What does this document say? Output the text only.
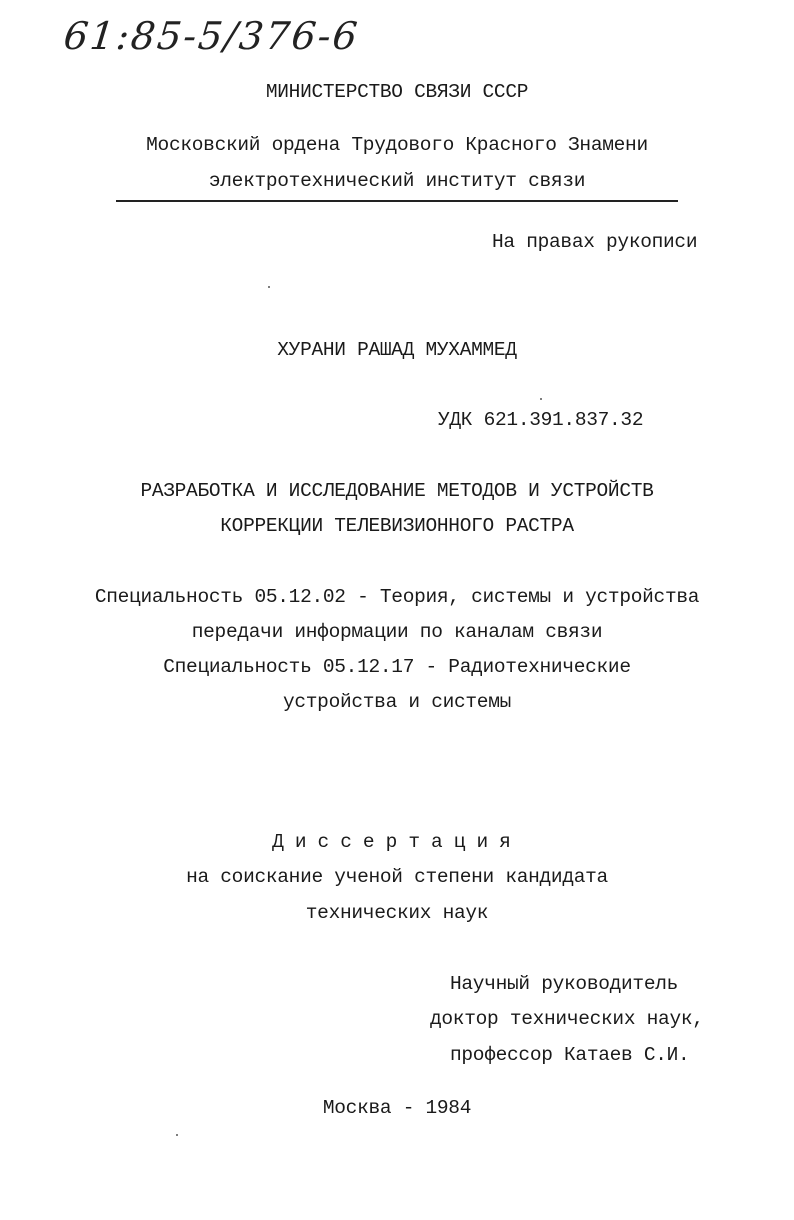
61:85-5/376-6
МИНИСТЕРСТВО СВЯЗИ СССР
Московский ордена Трудового Красного Знамени
электротехнический институт связи
На правах рукописи
ХУРАНИ РАШАД МУХАММЕД
УДК 621.391.837.32
РАЗРАБОТКА И ИССЛЕДОВАНИЕ МЕТОДОВ И УСТРОЙСТВ
КОРРЕКЦИИ ТЕЛЕВИЗИОННОГО РАСТРА
Специальность 05.12.02 - Теория, системы и устройства
передачи информации по каналам связи
Специальность 05.12.17 - Радиотехнические
устройства и системы
Диссертация
на соискание ученой степени кандидата
технических наук
Научный руководитель
доктор технических наук,
профессор Катаев С.И.
Москва - 1984
